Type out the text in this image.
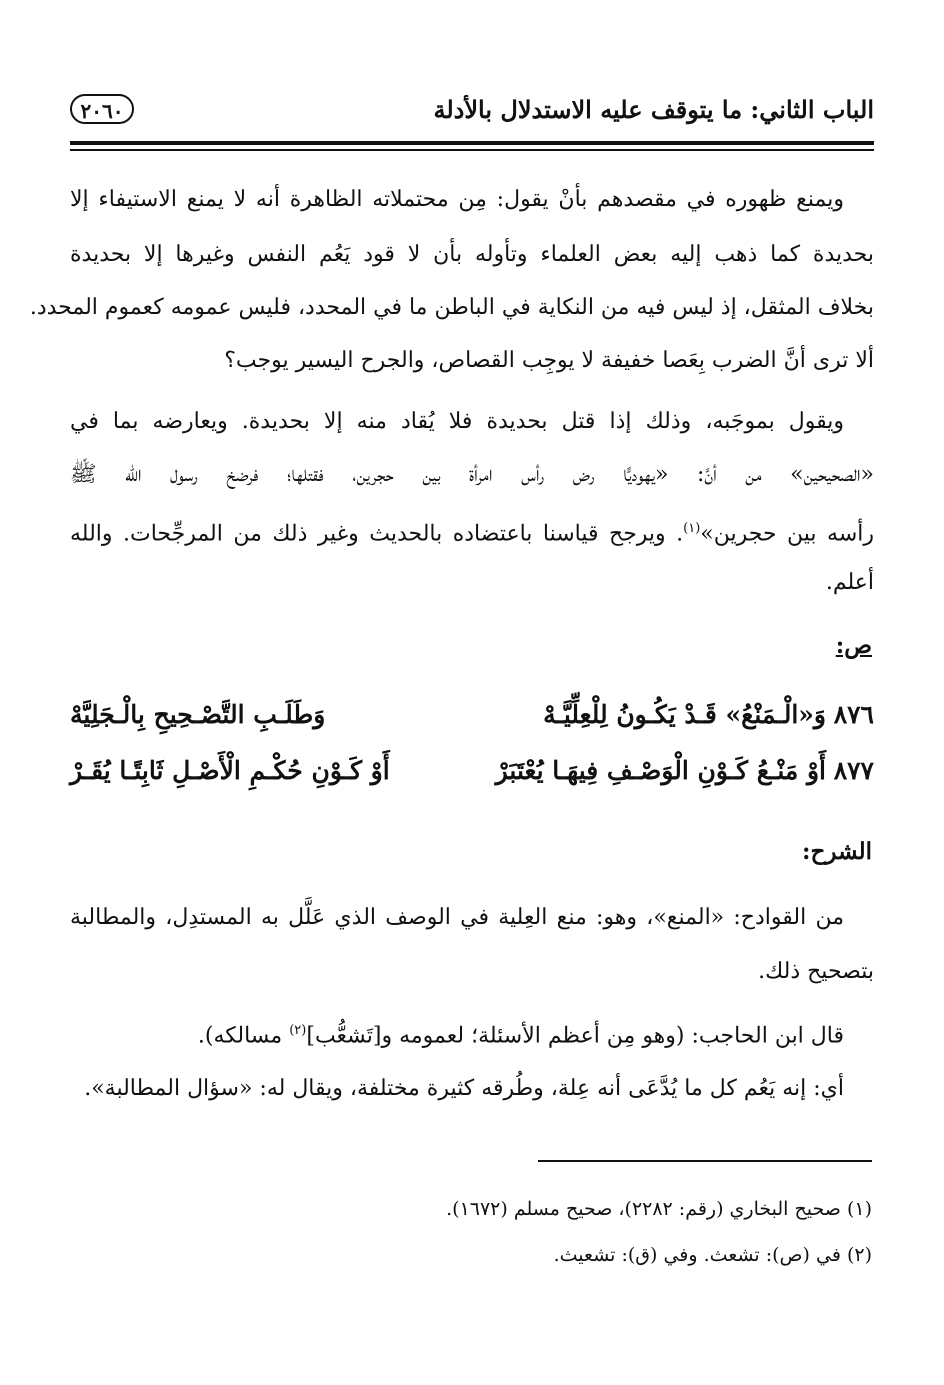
الباب الثاني: ما يتوقف عليه الاستدلال بالأدلة
٢٠٦٠
ويمنع ظهوره في مقصدهم بأنْ يقول: مِن محتملاته الظاهرة أنه لا يمنع الاستيفاء إلا
بحديدة كما ذهب إليه بعض العلماء وتأوله بأن لا قود يَعُم النفس وغيرها إلا بحديدة
بخلاف المثقل، إذ ليس فيه من النكاية في الباطن ما في المحدد، فليس عمومه كعموم المحدد.
ألا ترى أنَّ الضرب بِعَصا خفيفة لا يوجِب القصاص، والجرح اليسير يوجب؟
ويقول بموجَبه، وذلك إذا قتل بحديدة فلا يُقاد منه إلا بحديدة. ويعارضه بما في
«الصحيحين» من أنَّ: «يهوديًّا رض رأس امرأة بين حجرين، فقتلها؛ فرضخ رسول الله ﷺ
رأسه بين حجرين»$^{(١)}$. ويرجح قياسنا باعتضاده بالحديث وغير ذلك من المرجِّحات. والله
أعلم.
ص:
٨٧٦
وَ«الْـمَنْعُ» قَـدْ يَكُـونُ لِلْعِلِّيَّـهْ
وَطَلَـبِ التَّصْـحِيحِ بِالْـجَلِيَّهْ
٨٧٧
أَوْ مَنْـعُ كَـوْنِ الْوَصْـفِ فِيهَـا يُعْتَبَرْ
أَوْ كَـوْنِ حُكْـمِ الْأَصْـلِ ثَابِتًـا يُقَـرْ
الشرح:
من القوادح: «المنع»، وهو: منع العِلية في الوصف الذي عَلَّل به المستدِل، والمطالبة
بتصحيح ذلك.
قال ابن الحاجب: (وهو مِن أعظم الأسئلة؛ لعمومه و[تَشعُّب]$^{(٢)}$ مسالكه).
أي: إنه يَعُم كل ما يُدَّعَى أنه عِلة، وطُرقه كثيرة مختلفة، ويقال له: «سؤال المطالبة».
(١) صحيح البخاري (رقم: ٢٢٨٢)، صحيح مسلم (١٦٧٢).
(٢) في (ص): تشعث. وفي (ق): تشعيث.
